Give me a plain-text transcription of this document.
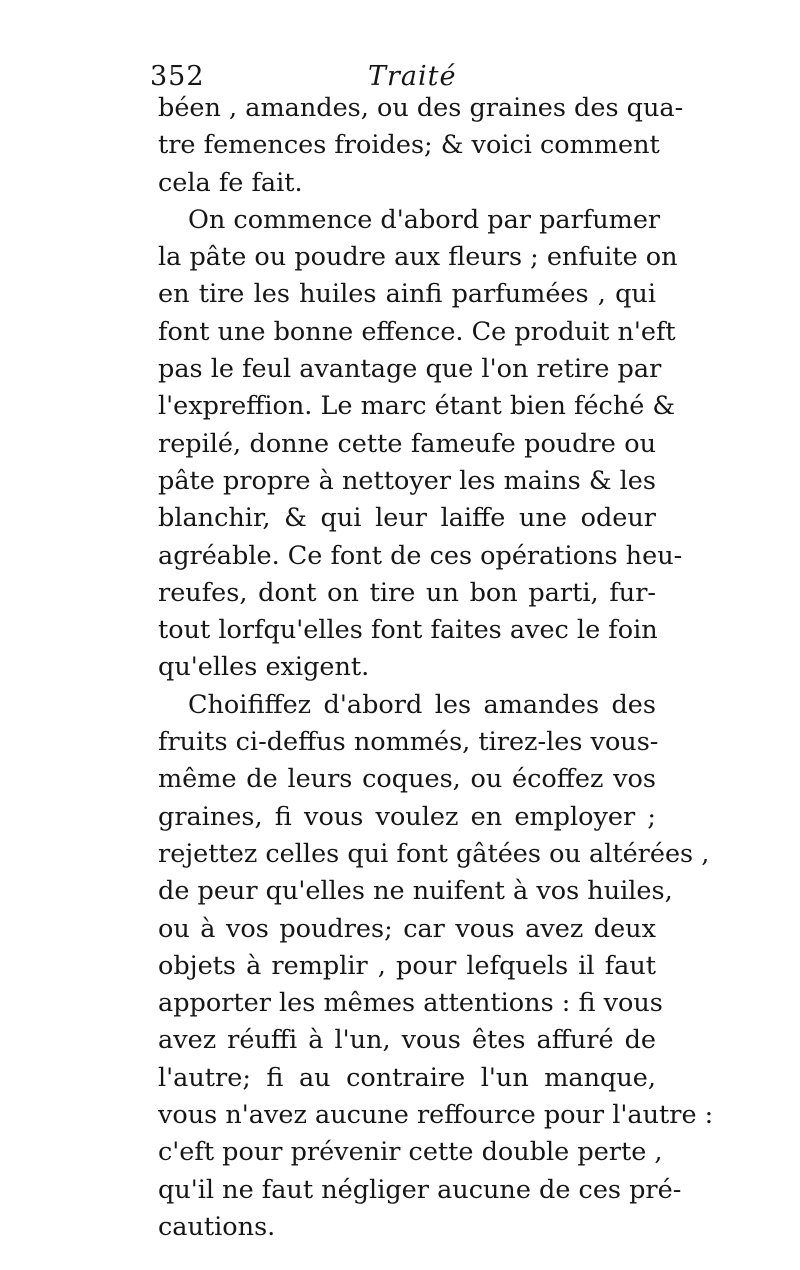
352	Traité
béen , amandes, ou des graines des qua-
tre femences froides; & voici comment
cela fe fait.
On commence d'abord par parfumer
la pâte ou poudre aux fleurs ; enfuite on
en tire les huiles ainfi parfumées , qui
font une bonne effence. Ce produit n'eft
pas le feul avantage que l'on retire par
l'expreffion. Le marc étant bien féché &
repilé, donne cette fameufe poudre ou
pâte propre à nettoyer les mains & les
blanchir, & qui leur laiffe une odeur
agréable. Ce font de ces opérations heu-
reufes, dont on tire un bon parti, fur-
tout lorfqu'elles font faites avec le foin
qu'elles exigent.
Choififfez d'abord les amandes des
fruits ci-deffus nommés, tirez-les vous-
même de leurs coques, ou écoffez vos
graines, fi vous voulez en employer ;
rejettez celles qui font gâtées ou altérées ,
de peur qu'elles ne nuifent à vos huiles,
ou à vos poudres; car vous avez deux
objets à remplir , pour lefquels il faut
apporter les mêmes attentions : fi vous
avez réuffi à l'un, vous êtes affuré de
l'autre; fi au contraire l'un manque,
vous n'avez aucune reffource pour l'autre :
c'eft pour prévenir cette double perte ,
qu'il ne faut négliger aucune de ces pré-
cautions.
